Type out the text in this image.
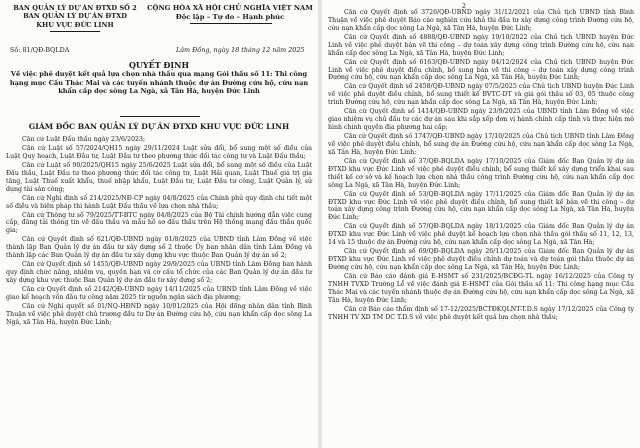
BAN QUẢN LÝ DỰ ÁN ĐTXD SỐ 2
BAN QUẢN LÝ DỰ ÁN ĐTXD
KHU VỰC ĐỨC LINH
CỘNG HÒA XÃ HỘI CHỦ NGHĨA VIỆT NAM
Độc lập – Tự do – Hạnh phúc
Số: 81/QĐ-BQLDA	Lâm Đồng, ngày 18 tháng 12 năm 2025
QUYẾT ĐỊNH
Về việc phê duyệt kết quả lựa chọn nhà thầu qua mạng Gói thầu số 11: Thi công hạng mục Cầu Thác Mai và các tuyến nhánh thuộc dự án Đường cứu hộ, cứu nạn khẩn cấp dọc sông La Ngà, xã Tân Hà, huyện Đức Linh
GIÁM ĐỐC BAN QUẢN LÝ DỰ ÁN ĐTXD KHU VỰC ĐỨC LINH

Căn cứ Luật Đấu thầu ngày 23/6/2023;

Căn cứ Luật số 57/2024/QH15 ngày 29/11/2024 Luật sửa đổi, bổ sung một số điều của Luật Quy hoạch, Luật Đầu tư, Luật Đầu tư theo phương thức đối tác công tư và Luật Đấu thầu;

Căn cứ Luật số 90/2025/QH15 ngày 25/6/2025 Luật sửa đổi, bổ sung một số điều của Luật Đấu thầu, Luật Đầu tư theo phương thức đối tác công tư, Luật Hải quan, Luật Thuế giá trị gia tăng, Luật Thuế xuất khẩu, thuế nhập khẩu, Luật Đầu tư, Luật Đầu tư công, Luật Quản lý, sử dụng tài sản công;

Căn cứ Nghị định số 214/2025/NĐ-CP ngày 04/8/2025 của Chính phủ quy định chi tiết một số điều và biện pháp thi hành Luật Đấu thầu về lựa chọn nhà thầu;

Căn cứ Thông tư số 79/2025/TT-BTC ngày 04/8/2025 của Bộ Tài chính hướng dẫn việc cung cấp, đăng tải thông tin về đấu thầu và mẫu hồ sơ đấu thầu trên Hệ thống mạng đấu thầu quốc gia;

Căn cứ Quyết định số 621/QĐ-UBND ngày 01/8/2025 của UBND tỉnh Lâm Đồng về việc thành lập Ban Quản lý dự án đầu tư xây dựng số 2 thuộc Ủy ban nhân dân tỉnh Lâm Đồng và thành lập các Ban Quản lý dự án đầu tư xây dựng khu vực thuộc Ban Quản lý dự án số 2;

Căn cứ Quyết định số 1455/QĐ-UBND ngày 29/9/2025 của UBND tỉnh Lâm Đồng ban hành quy định chức năng, nhiệm vụ, quyền hạn và cơ cấu tổ chức của các Ban Quản lý dự án đầu tư xây dựng khu vực thuộc Ban Quản lý dự án đầu tư xây dựng số 2;

Căn cứ Quyết định số 2142/QĐ-UBND ngày 14/11/2025 của UBND tỉnh Lâm Đồng về việc giao kế hoạch vốn đầu tư công năm 2025 từ nguồn ngân sách địa phương;

Căn cứ Nghị quyết số 01/NQ-HĐND ngày 10/01/2025 của Hội đồng nhân dân tỉnh Bình Thuận về việc phê duyệt chủ trương đầu tư Dự án Đường cứu hộ, cứu nạn khẩn cấp dọc sông La Ngà, xã Tân Hà, huyện Đức Linh;

Căn cứ Quyết định số 3726/QĐ-UBND ngày 31/12/2021 của Chủ tịch UBND tỉnh Bình Thuận về việc phê duyệt Báo cáo nghiên cứu khả thi đầu tư xây dựng công trình Đường cứu hộ, cứu nạn khẩn cấp dọc sông La Ngà, xã Tân Hà, huyện Đức Linh;

Căn cứ Quyết định số 4888/QĐ-UBND ngày 19/10/2022 của Chủ tịch UBND huyện Đức Linh về việc phê duyệt bản vẽ thi công – dự toán xây dựng công trình Đường cứu hộ, cứu nạn khẩn cấp dọc sông La Ngà, xã Tân Hà, huyện Đức Linh;

Căn cứ Quyết định số 6163/QĐ-UBND ngày 04/12/2024 của Chủ tịch UBND huyện Đức Linh về việc phê duyệt điều chỉnh, bổ sung bản vẽ thi công – dự toán xây dựng công trình Đường cứu hộ, cứu nạn khẩn cấp dọc sông La Ngà, xã Tân Hà, huyện Đức Linh;

Căn cứ Quyết định số 2458/QĐ-UBND ngày 07/5/2025 của Chủ tịch UBND huyện Đức Linh về việc phê duyệt điều chỉnh, bổ sung thiết kế BVTC-DT và giá gói thầu số 03, 05 thuộc công trình Đường cứu hộ, cứu nạn khẩn cấp dọc sông La Ngà, xã Tân Hà, huyện Đức Linh;

Căn cứ Quyết định số 1414/QĐ-UBND ngày 23/9/2025 của UBND tỉnh Lâm Đồng về việc giao nhiệm vụ chủ đầu tư các dự án sau khi sắp xếp đơn vị hành chính cấp tỉnh và thực hiện mô hình chính quyền địa phương hai cấp;

Căn cứ Quyết định số 1747/QĐ-UBND ngày 17/10/2025 của Chủ tịch UBND tỉnh Lâm Đồng về việc phê duyệt điều chỉnh, bổ sung dự án Đường cứu hộ, cứu nạn khẩn cấp dọc sông La Ngà, xã Tân Hà, huyện Đức Linh;

Căn cứ Quyết định số 37/QĐ-BQLDA ngày 17/10/2025 của Giám đốc Ban Quản lý dự án ĐTXD khu vực Đức Linh về việc phê duyệt điều chỉnh, bổ sung thiết kế xây dựng triển khai sau thiết kế cơ sở và kế hoạch lựa chọn nhà thầu công trình Đường cứu hộ, cứu nạn khẩn cấp dọc sông La Ngà, xã Tân Hà, huyện Đức Linh;

Căn cứ Quyết định số 53/QĐ-BQLDA ngày 17/11/2025 của Giám đốc Ban Quản lý dự án ĐTXD khu vực Đức Linh về việc phê duyệt điều chỉnh, bổ sung thiết kế bản vẽ thi công – dự toán xây dựng công trình Đường cứu hộ, cứu nạn khẩn cấp dọc sông La Ngà, xã Tân Hà, huyện Đức Linh;

Căn cứ Quyết định số 57/QĐ-BQLDA ngày 18/11/2025 của Giám đốc Ban Quản lý dự án ĐTXD khu vực Đức Linh về việc phê duyệt kế hoạch lựa chọn nhà thầu gói thầu số 11, 12, 13, 14 và 15 thuộc dự án Đường cứu hộ, cứu nạn khẩn cấp dọc sông La Ngà, xã Tân Hà;

Căn cứ Quyết định số 69/QĐ-BQLDA ngày 26/11/2025 của Giám đốc Ban Quản lý dự án ĐTXD khu vực Đức Linh về việc phê duyệt điều chỉnh dự toán và dự toán gói thầu thuộc dự án Đường cứu hộ, cứu nạn khẩn cấp dọc sông La Ngà, xã Tân Hà, huyện Đức Linh;

Căn cứ Báo cáo đánh giá E-HSMT số 231/2025/BCĐG-TL ngày 16/12/2025 của Công ty TNHH TVXD Trường Lễ về việc đánh giá E-HSMT của Gói thầu số 11: Thi công hạng mục Cầu Thác Mai và các tuyến nhánh thuộc dự án Đường cứu hộ, cứu nạn khẩn cấp dọc sông La Ngà, xã Tân Hà, huyện Đức Linh;

Căn cứ Báo cáo thẩm định số 17-12/2025/BCTĐKQLNT-T.D.S ngày 17/12/2025 của Công ty TNHH TV XD TM DC T.D.S về việc phê duyệt kết quả lựa chọn nhà thầu;

2
